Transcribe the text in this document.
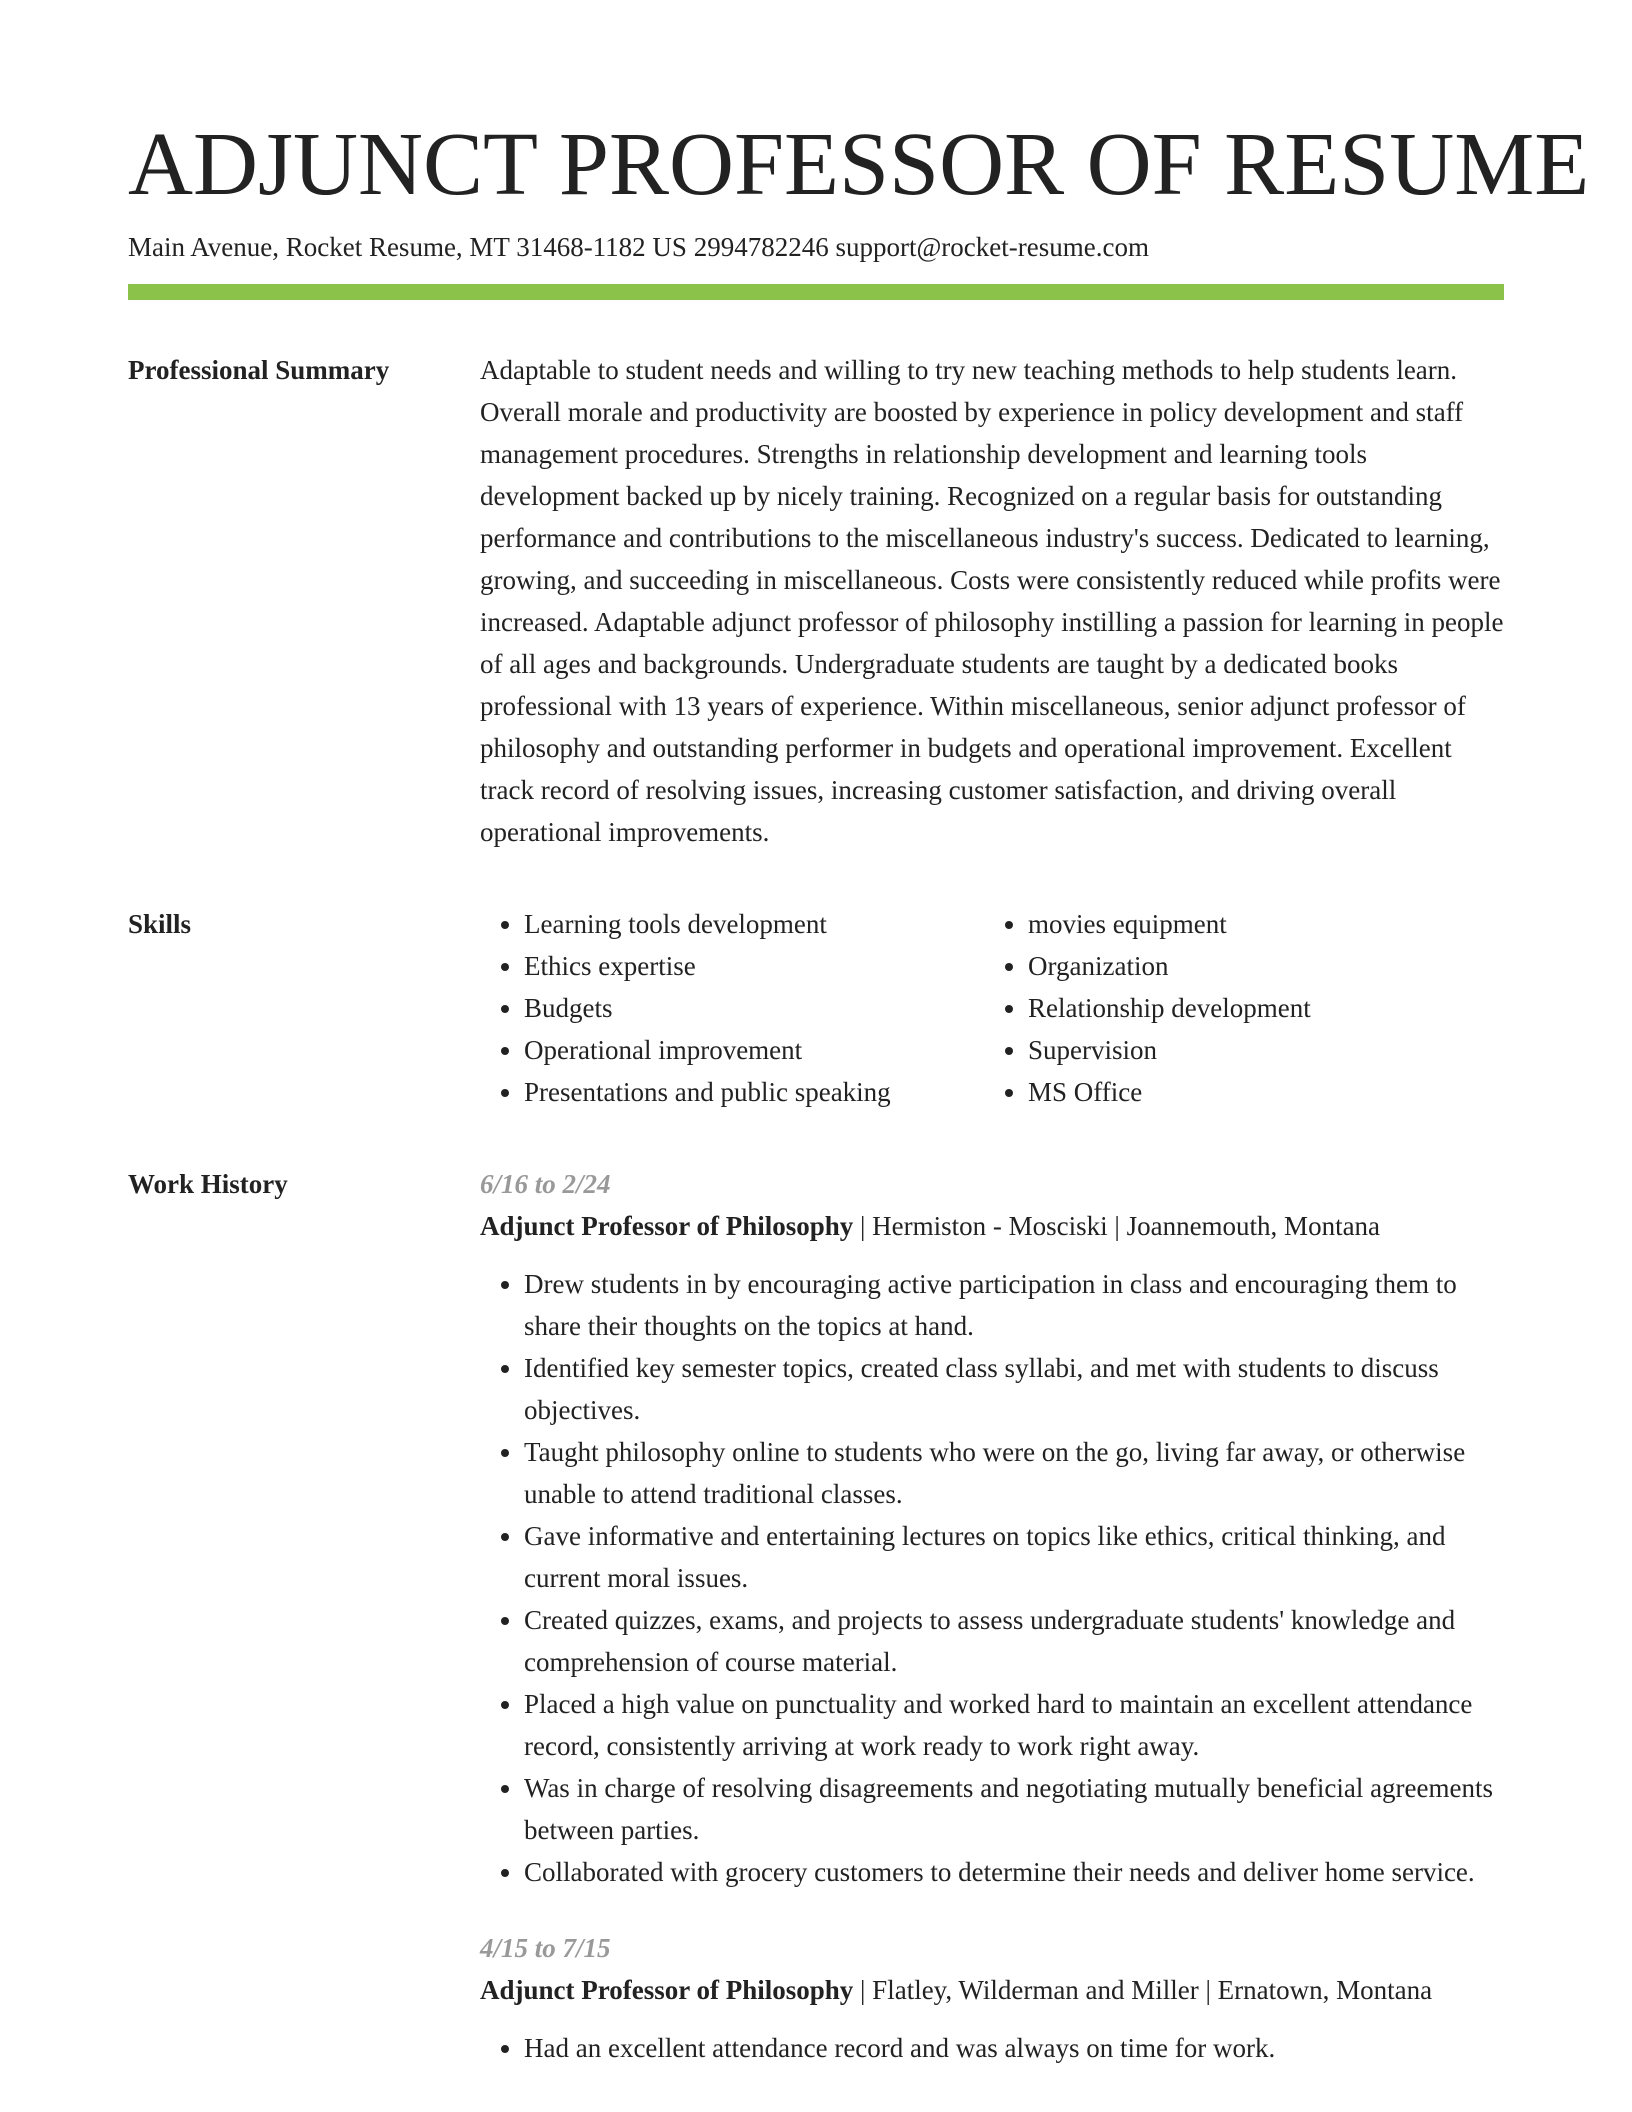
ADJUNCT PROFESSOR OF RESUME
Main Avenue, Rocket Resume, MT 31468-1182 US 2994782246 support@rocket-resume.com
Professional Summary	Adaptable to student needs and willing to try new teaching methods to help students learn. Overall morale and productivity are boosted by experience in policy development and staff management procedures. Strengths in relationship development and learning tools development backed up by nicely training. Recognized on a regular basis for outstanding performance and contributions to the miscellaneous industry's success. Dedicated to learning, growing, and succeeding in miscellaneous. Costs were consistently reduced while profits were increased. Adaptable adjunct professor of philosophy instilling a passion for learning in people of all ages and backgrounds. Undergraduate students are taught by a dedicated books professional with 13 years of experience. Within miscellaneous, senior adjunct professor of philosophy and outstanding performer in budgets and operational improvement. Excellent track record of resolving issues, increasing customer satisfaction, and driving overall operational improvements.

Skills
•	Learning tools development
• Ethics expertise
• Budgets
• Operational improvement
• Presentations and public speaking
• movies equipment
• Organization
• Relationship development
• Supervision
• MS Office
Work History	6/16 to 2/24
Adjunct Professor of Philosophy | Hermiston - Mosciski | Joannemouth, Montana
• Drew students in by encouraging active participation in class and encouraging them to share their thoughts on the topics at hand.
• Identified key semester topics, created class syllabi, and met with students to discuss objectives.
• Taught philosophy online to students who were on the go, living far away, or otherwise unable to attend traditional classes.
• Gave informative and entertaining lectures on topics like ethics, critical thinking, and current moral issues.
• Created quizzes, exams, and projects to assess undergraduate students' knowledge and comprehension of course material.
• Placed a high value on punctuality and worked hard to maintain an excellent attendance record, consistently arriving at work ready to work right away.
• Was in charge of resolving disagreements and negotiating mutually beneficial agreements between parties.
• Collaborated with grocery customers to determine their needs and deliver home service.
4/15 to 7/15
Adjunct Professor of Philosophy | Flatley, Wilderman and Miller | Ernatown, Montana
• Had an excellent attendance record and was always on time for work.
